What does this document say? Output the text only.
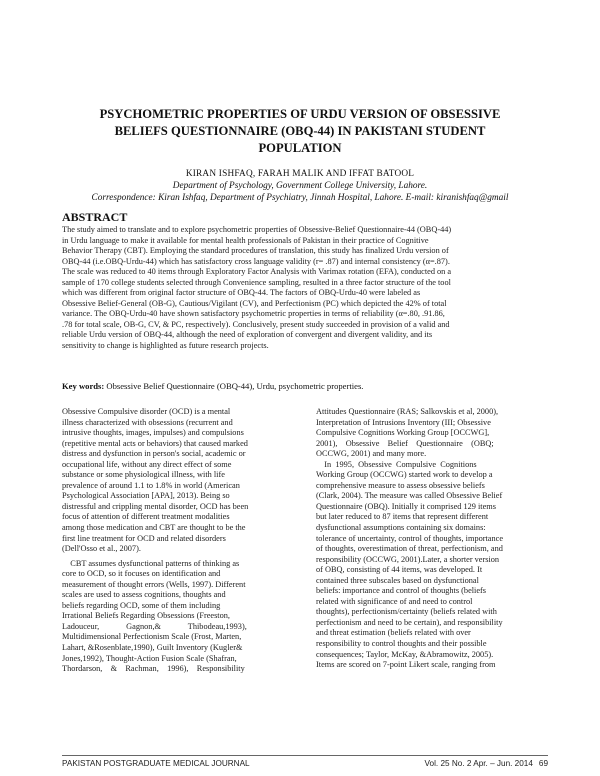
PSYCHOMETRIC PROPERTIES OF URDU VERSION OF OBSESSIVE
BELIEFS QUESTIONNAIRE (OBQ-44) IN PAKISTANI STUDENT
POPULATION
KIRAN ISHFAQ, FARAH MALIK AND IFFAT BATOOL
Department of Psychology, Government College University, Lahore.
Correspondence: Kiran Ishfaq, Department of Psychiatry, Jinnah Hospital, Lahore. E-mail: kiranishfaq@gmail
ABSTRACT
The study aimed to translate and to explore psychometric properties of Obsessive-Belief Questionnaire-44 (OBQ-44)
in Urdu language to make it available for mental health professionals of Pakistan in their practice of Cognitive
Behavior Therapy (CBT). Employing the standard procedures of translation, this study has finalized Urdu version of
OBQ-44 (i.e.OBQ-Urdu-44) which has satisfactory cross language validity (r= .87) and internal consistency (α=.87).
The scale was reduced to 40 items through Exploratory Factor Analysis with Varimax rotation (EFA), conducted on a
sample of 170 college students selected through Convenience sampling, resulted in a three factor structure of the tool
which was different from original factor structure of OBQ-44. The factors of OBQ-Urdu-40 were labeled as
Obsessive Belief-General (OB-G), Cautious/Vigilant (CV), and Perfectionism (PC) which depicted the 42% of total
variance. The OBQ-Urdu-40 have shown satisfactory psychometric properties in terms of reliability (α=.80, .91.86,
.78 for total scale, OB-G, CV, & PC, respectively). Conclusively, present study succeeded in provision of a valid and
reliable Urdu version of OBQ-44, although the need of exploration of convergent and divergent validity, and its
sensitivity to change is highlighted as future research projects.
Key words: Obsessive Belief Questionnaire (OBQ-44), Urdu, psychometric properties.
Obsessive Compulsive disorder (OCD) is a mental
illness characterized with obsessions (recurrent and
intrusive thoughts, images, impulses) and compulsions
(repetitive mental acts or behaviors) that caused marked
distress and dysfunction in person's social, academic or
occupational life, without any direct effect of some
substance or some physiological illness, with life
prevalence of around 1.1 to 1.8% in world (American
Psychological Association [APA], 2013). Being so
distressful and crippling mental disorder, OCD has been
focus of attention of different treatment modalities
among those medication and CBT are thought to be the
first line treatment for OCD and related disorders
(Dell'Osso et al., 2007).
CBT assumes dysfunctional patterns of thinking as
core to OCD, so it focuses on identification and
measurement of thought errors (Wells, 1997). Different
scales are used to assess cognitions, thoughts and
beliefs regarding OCD, some of them including
Irrational Beliefs Regarding Obsessions (Freeston,
Ladouceur,             Gagnon,&             Thibodeau,1993),
Multidimensional Perfectionism Scale (Frost, Marten,
Lahart, &Rosenblate,1990), Guilt Inventory (Kugler&
Jones,1992), Thought-Action Fusion Scale (Shafran,
Thordarson,    &    Rachman,    1996),    Responsibility
Attitudes Questionnaire (RAS; Salkovskis et al, 2000),
Interpretation of Intrusions Inventory (III; Obsessive
Compulsive Cognitions Working Group [OCCWG],
2001),    Obsessive    Belief    Questionnaire    (OBQ;
OCCWG, 2001) and many more.
In  1995,  Obsessive  Compulsive  Cognitions
Working Group (OCCWG) started work to develop a
comprehensive measure to assess obsessive beliefs
(Clark, 2004). The measure was called Obsessive Belief
Questionnaire (OBQ). Initially it comprised 129 items
but later reduced to 87 items that represent different
dysfunctional assumptions containing six domains:
tolerance of uncertainty, control of thoughts, importance
of thoughts, overestimation of threat, perfectionism, and
responsibility (OCCWG, 2001).Later, a shorter version
of OBQ, consisting of 44 items, was developed. It
contained three subscales based on dysfunctional
beliefs: importance and control of thoughts (beliefs
related with significance of and need to control
thoughts), perfectionism/certainty (beliefs related with
perfectionism and need to be certain), and responsibility
and threat estimation (beliefs related with over
responsibility to control thoughts and their possible
consequences; Taylor, McKay, &Abramowitz, 2005).
Items are scored on 7-point Likert scale, ranging from
PAKISTAN POSTGRADUATE MEDICAL JOURNAL	Vol. 25 No. 2 Apr. – Jun. 2014 69
